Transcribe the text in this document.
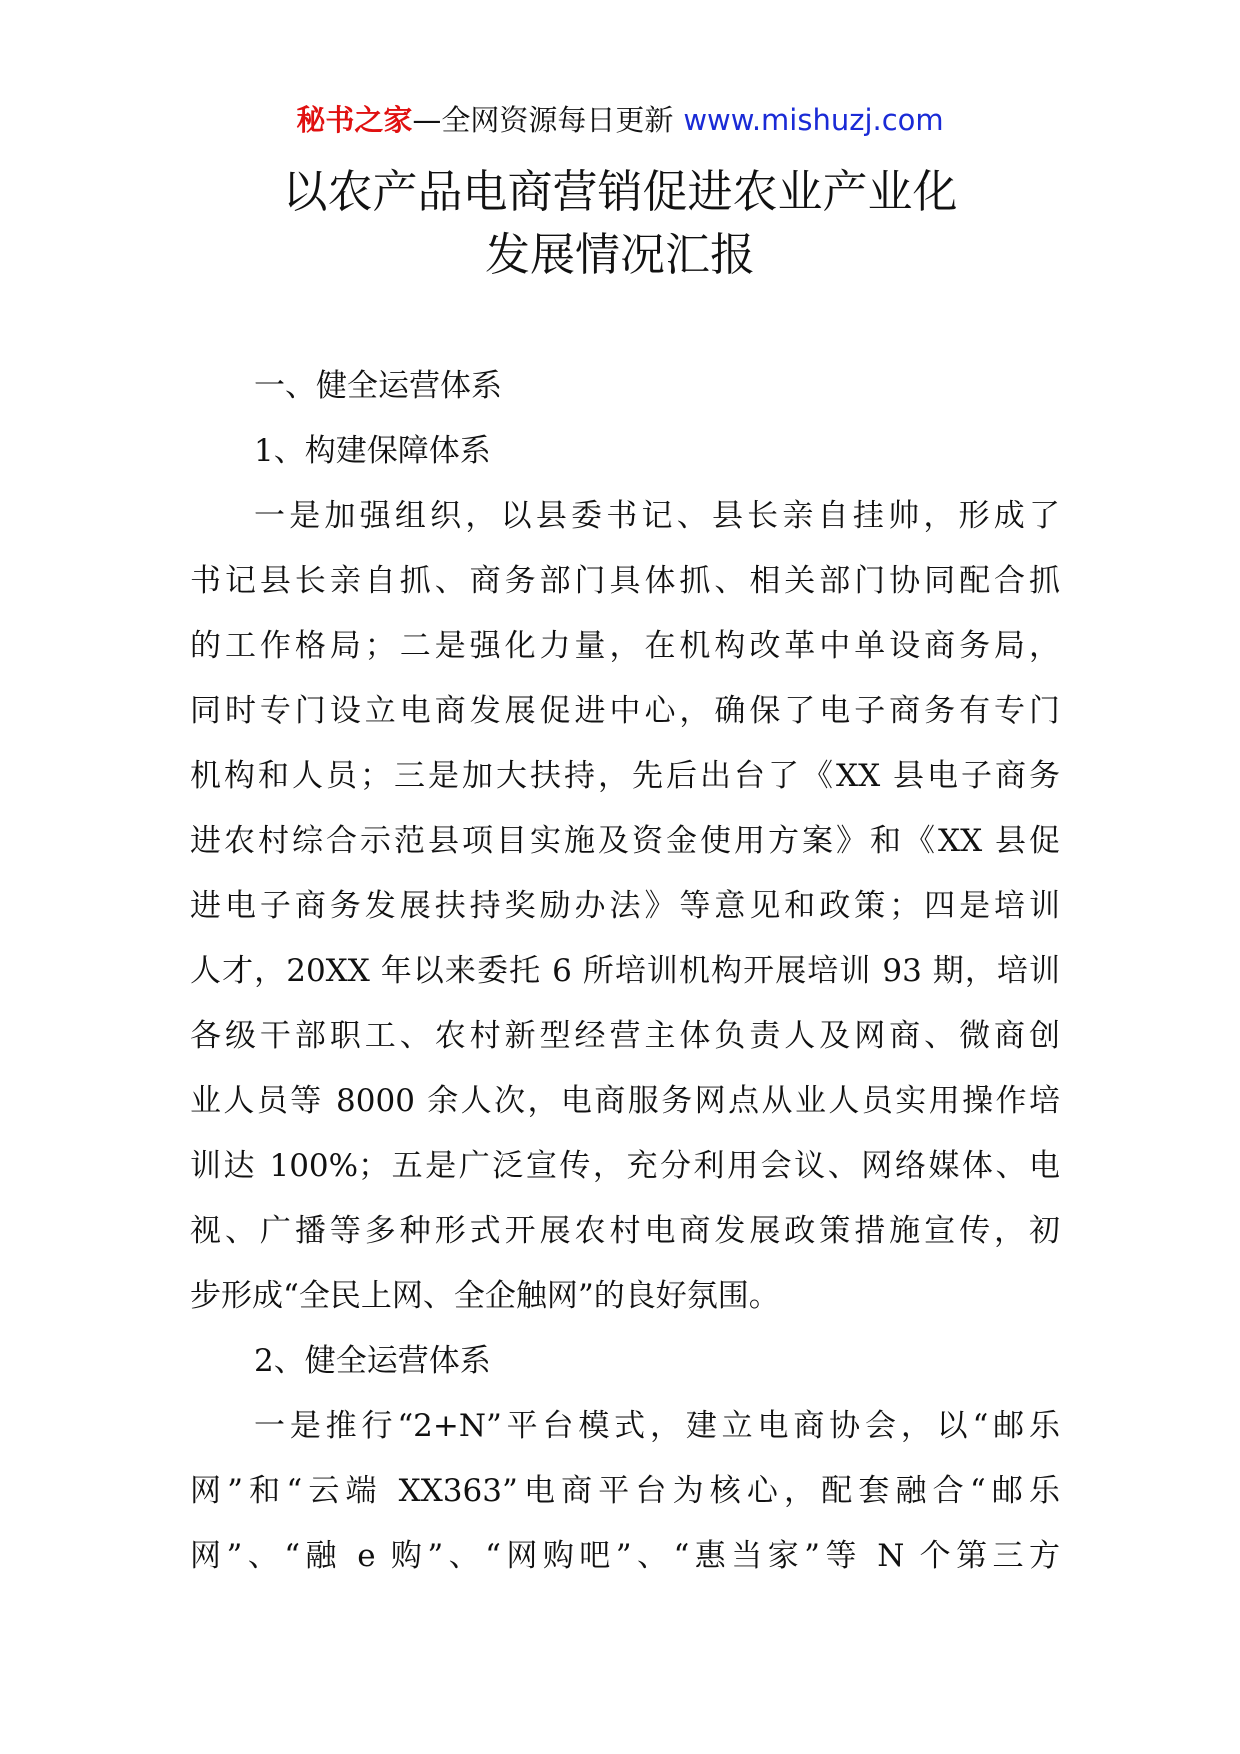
秘书之家—全网资源每日更新 www.mishuzj.com
以农产品电商营销促进农业产业化
发展情况汇报
一、健全运营体系
1、构建保障体系
一是加强组织，以县委书记、县长亲自挂帅，形成了
书记县长亲自抓、商务部门具体抓、相关部门协同配合抓
的工作格局；二是强化力量，在机构改革中单设商务局，
同时专门设立电商发展促进中心，确保了电子商务有专门
机构和人员；三是加大扶持，先后出台了《XX 县电子商务
进农村综合示范县项目实施及资金使用方案》和《XX 县促
进电子商务发展扶持奖励办法》等意见和政策；四是培训
人才，20XX 年以来委托 6 所培训机构开展培训 93 期，培训
各级干部职工、农村新型经营主体负责人及网商、微商创
业人员等 8000 余人次，电商服务网点从业人员实用操作培
训达 100%；五是广泛宣传，充分利用会议、网络媒体、电
视、广播等多种形式开展农村电商发展政策措施宣传，初
步形成“全民上网、全企触网”的良好氛围。
2、健全运营体系
一是推行“2+N”平台模式，建立电商协会，以“邮乐
网”和“云端 XX363”电商平台为核心，配套融合“邮乐
网”、“融 e 购”、“网购吧”、“惠当家”等 N 个第三方
